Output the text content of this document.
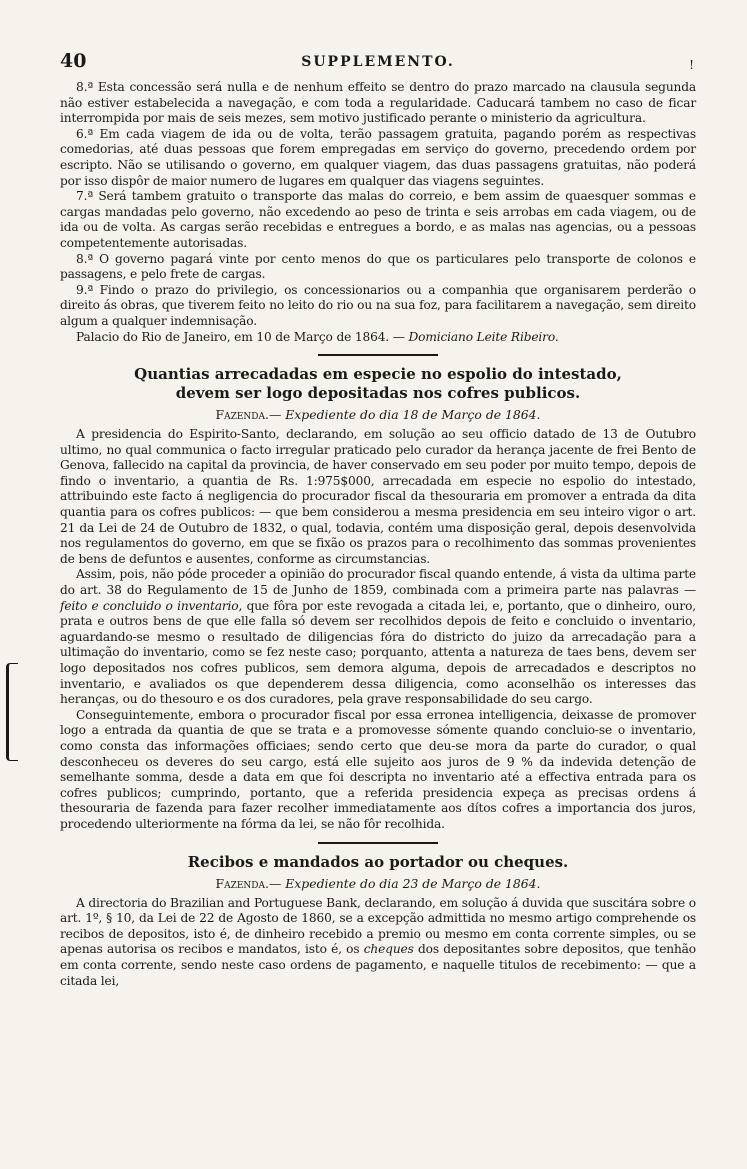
40	SUPPLEMENTO.	!

8.ª Esta concessão será nulla e de nenhum effeito se dentro do prazo marcado na clausula segunda não estiver estabelecida a navegação, e com toda a regularidade. Caducará tambem no caso de ficar interrompida por mais de seis mezes, sem motivo justificado perante o ministerio da agricultura.

6.ª Em cada viagem de ida ou de volta, terão passagem gratuita, pagando porém as respectivas comedorias, até duas pessoas que forem empregadas em serviço do governo, precedendo ordem por escripto. Não se utilisando o governo, em qualquer viagem, das duas passagens gratuitas, não poderá por isso dispôr de maior numero de lugares em qualquer das viagens seguintes.

7.ª Será tambem gratuito o transporte das malas do correio, e bem assim de quaesquer sommas e cargas mandadas pelo governo, não excedendo ao peso de trinta e seis arrobas em cada viagem, ou de ida ou de volta. As cargas serão recebidas e entregues a bordo, e as malas nas agencias, ou a pessoas competentemente autorisadas.

8.ª O governo pagará vinte por cento menos do que os particulares pelo transporte de colonos e passagens, e pelo frete de cargas.

9.ª Findo o prazo do privilegio, os concessionarios ou a companhia que organisarem perderão o direito ás obras, que tiverem feito no leito do rio ou na sua foz, para facilitarem a navegação, sem direito algum a qualquer indemnisação.

Palacio do Rio de Janeiro, em 10 de Março de 1864. — Domiciano Leite Ribeiro.

Quantias arrecadadas em especie no espolio do intestado,
devem ser logo depositadas nos cofres publicos.
Fazenda.— Expediente do dia 18 de Março de 1864.

A presidencia do Espirito-Santo, declarando, em solução ao seu officio datado de 13 de Outubro ultimo, no qual communica o facto irregular praticado pelo curador da herança jacente de frei Bento de Genova, fallecido na capital da provincia, de haver conservado em seu poder por muito tempo, depois de findo o inventario, a quantia de Rs. 1:975$000, arrecadada em especie no espolio do intestado, attribuindo este facto á negligencia do procurador fiscal da thesouraria em promover a entrada da dita quantia para os cofres publicos: — que bem considerou a mesma presidencia em seu inteiro vigor o art. 21 da Lei de 24 de Outubro de 1832, o qual, todavia, contém uma disposição geral, depois desenvolvida nos regulamentos do governo, em que se fixão os prazos para o recolhimento das sommas provenientes de bens de defuntos e ausentes, conforme as circumstancias.

Assim, pois, não póde proceder a opinião do procurador fiscal quando entende, á vista da ultima parte do art. 38 do Regulamento de 15 de Junho de 1859, combinada com a primeira parte nas palavras — feito e concluido o inventario, que fôra por este revogada a citada lei, e, portanto, que o dinheiro, ouro, prata e outros bens de que elle falla só devem ser recolhidos depois de feito e concluido o inventario, aguardando-se mesmo o resultado de diligencias fóra do districto do juizo da arrecadação para a ultimação do inventario, como se fez neste caso; porquanto, attenta a natureza de taes bens, devem ser logo depositados nos cofres publicos, sem demora alguma, depois de arrecadados e descriptos no inventario, e avaliados os que dependerem dessa diligencia, como aconselhão os interesses das heranças, ou do thesouro e os dos curadores, pela grave responsabilidade do seu cargo.

Conseguintemente, embora o procurador fiscal por essa erronea intelligencia, deixasse de promover logo a entrada da quantia de que se trata e a promovesse sómente quando concluio-se o inventario, como consta das informações officiaes; sendo certo que deu-se mora da parte do curador, o qual desconheceu os deveres do seu cargo, está elle sujeito aos juros de 9 % da indevida detenção de semelhante somma, desde a data em que foi descripta no inventario até a effectiva entrada para os cofres publicos; cumprindo, portanto, que a referida presidencia expeça as precisas ordens á thesouraria de fazenda para fazer recolher immediatamente aos dítos cofres a importancia dos juros, procedendo ulteriormente na fórma da lei, se não fôr recolhida.

Recibos e mandados ao portador ou cheques.
Fazenda.— Expediente do dia 23 de Março de 1864.

A directoria do Brazilian and Portuguese Bank, declarando, em solução á duvida que suscitára sobre o art. 1º, § 10, da Lei de 22 de Agosto de 1860, se a excepção admittida no mesmo artigo comprehende os recibos de depositos, isto é, de dinheiro recebido a premio ou mesmo em conta corrente simples, ou se apenas autorisa os recibos e mandatos, isto é, os cheques dos depositantes sobre depositos, que tenhão em conta corrente, sendo neste caso ordens de pagamento, e naquelle titulos de recebimento: — que a citada lei,
